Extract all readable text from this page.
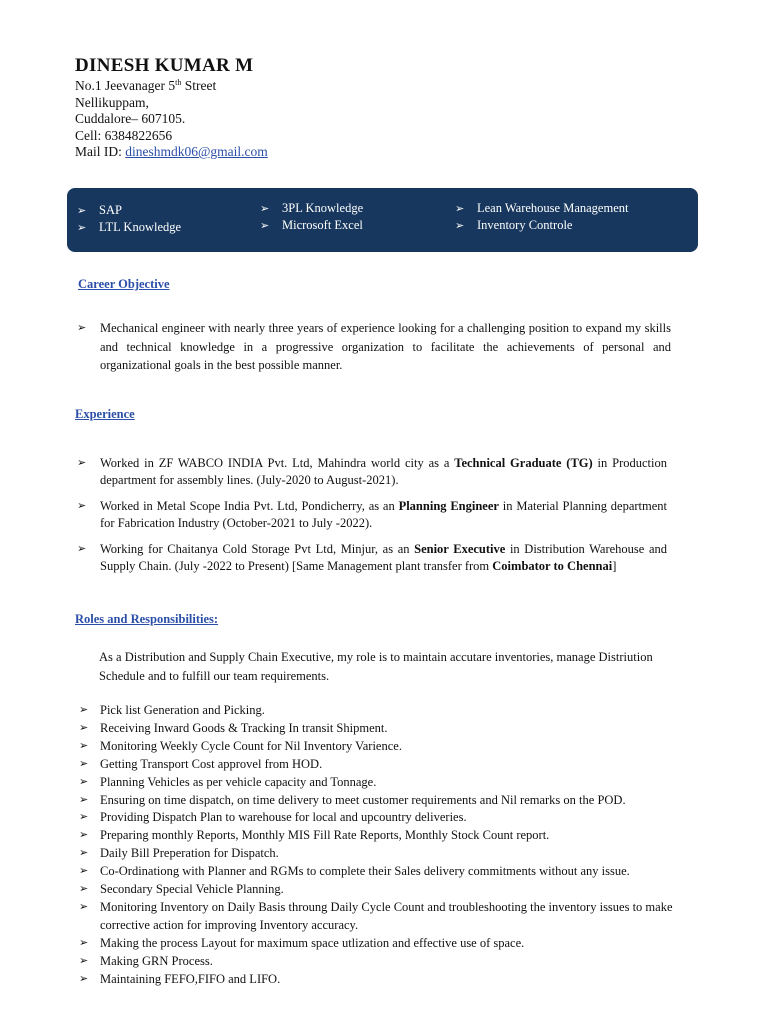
DINESH KUMAR M
No.1 Jeevanager 5th Street
Nellikuppam,
Cuddalore– 607105.
Cell: 6384822656
Mail ID: dineshmdk06@gmail.com
➢ SAP
➢ LTL Knowledge
➢ 3PL Knowledge
➢ Microsoft Excel
➢ Lean Warehouse Management
➢ Inventory Controle
Career Objective
➢	Mechanical engineer with nearly three years of experience looking for a challenging position to expand my skills and technical knowledge in a progressive organization to facilitate the achievements of personal and organizational goals in the best possible manner.
Experience
➢	Worked in ZF WABCO INDIA Pvt. Ltd, Mahindra world city as a Technical Graduate (TG) in Production department for assembly lines. (July-2020 to August-2021).
➢	Worked in Metal Scope India Pvt. Ltd, Pondicherry, as an Planning Engineer in Material Planning department for Fabrication Industry (October-2021 to July -2022).
➢	Working for Chaitanya Cold Storage Pvt Ltd, Minjur, as an Senior Executive in Distribution Warehouse and Supply Chain. (July -2022 to Present) [Same Management plant transfer from Coimbator to Chennai]
Roles and Responsibilities:
As a Distribution and Supply Chain Executive, my role is to maintain accutare inventories, manage Distriution Schedule and to fulfill our team requirements.
➢ Pick list Generation and Picking.
➢ Receiving Inward Goods & Tracking In transit Shipment.
➢ Monitoring Weekly Cycle Count for Nil Inventory Varience.
➢ Getting Transport Cost approvel from HOD.
➢ Planning Vehicles as per vehicle capacity and Tonnage.
➢ Ensuring on time dispatch, on time delivery to meet customer requirements and Nil remarks on the POD.
➢ Providing Dispatch Plan to warehouse for local and upcountry deliveries.
➢ Preparing monthly Reports, Monthly MIS Fill Rate Reports, Monthly Stock Count report.
➢ Daily Bill Preperation for Dispatch.
➢ Co-Ordinationg with Planner and RGMs to complete their Sales delivery commitments without any issue.
➢ Secondary Special Vehicle Planning.
➢ Monitoring Inventory on Daily Basis throung Daily Cycle Count and troubleshooting the inventory issues to make corrective action for improving Inventory accuracy.
➢ Making the process Layout for maximum space utlization and effective use of space.
➢ Making GRN Process.
➢ Maintaining FEFO,FIFO and LIFO.
